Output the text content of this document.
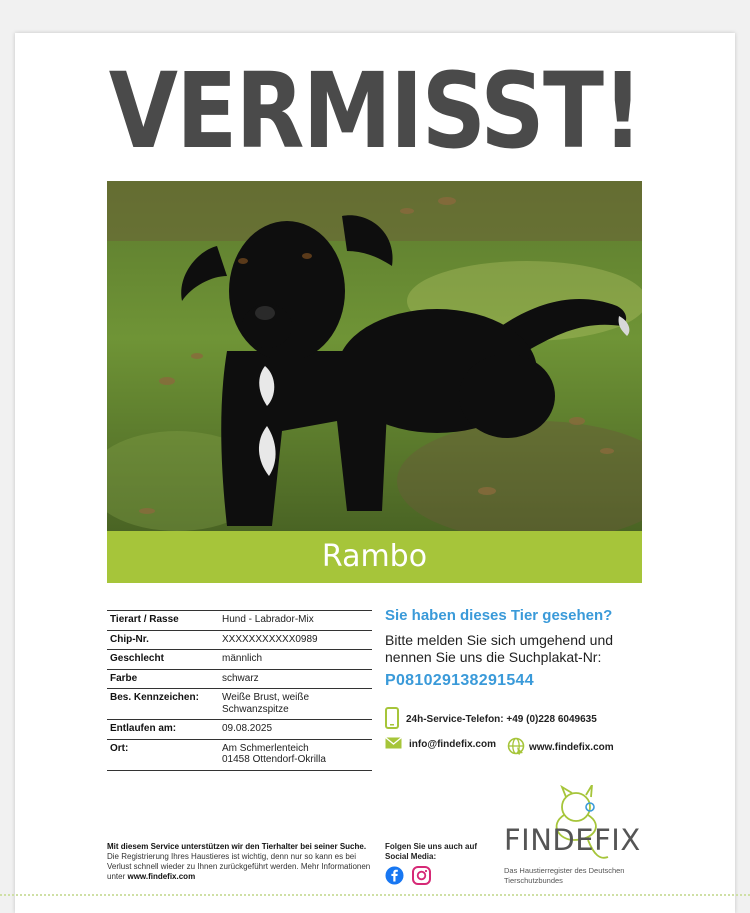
VERMISST!
Rambo
Tierart / Rasse	Hund - Labrador-Mix
Chip-Nr.	XXXXXXXXXXX0989
Geschlecht	männlich
Farbe	schwarz
Bes. Kennzeichen:	Weiße Brust, weiße Schwanzspitze
Entlaufen am:	09.08.2025
Ort:	Am Schmerlenteich
01458 Ottendorf-Okrilla
Sie haben dieses Tier gesehen?
Bitte melden Sie sich umgehend und nennen Sie uns die Suchplakat-Nr:
P081029138291544
24h-Service-Telefon: +49 (0)228 6049635
info@findefix.com	www.findefix.com
Mit diesem Service unterstützen wir den Tierhalter bei seiner Suche. Die Registrierung Ihres Haustieres ist wichtig, denn nur so kann es bei Verlust schnell wieder zu Ihnen zurückgeführt werden. Mehr Informationen unter www.findefix.com
Folgen Sie uns auch auf Social Media:	FINDEFIX
Das Haustierregister des Deutschen Tierschutzbundes
